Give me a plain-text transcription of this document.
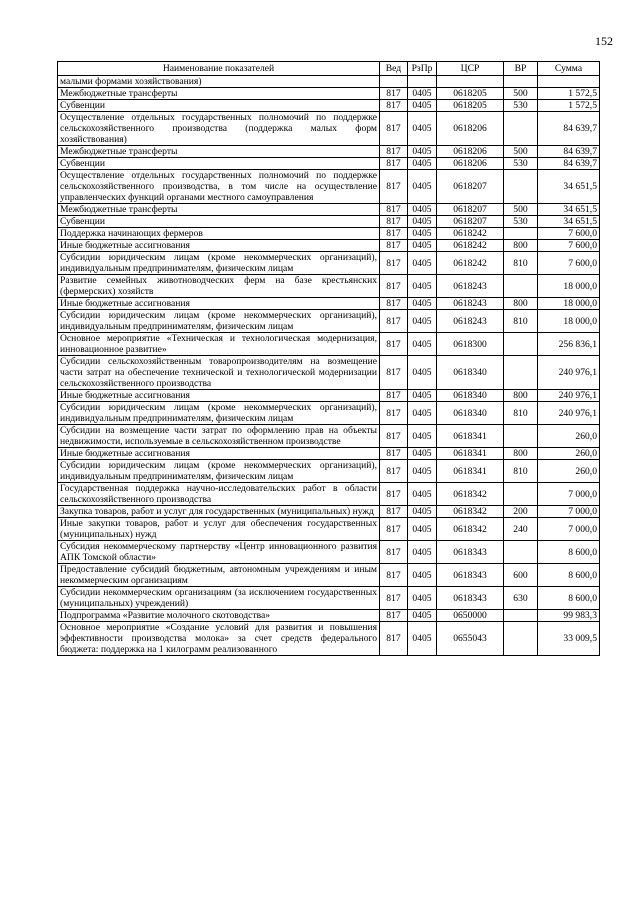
152
Наименование показателей	Вед	РзПр	ЦСР	ВР	Сумма
малыми формами хозяйствования)					
Межбюджетные трансферты	817	0405	0618205	500	1 572,5
Субвенции	817	0405	0618205	530	1 572,5
Осуществление отдельных государственных полномочий по поддержке сельскохозяйственного производства (поддержка малых форм хозяйствования)	817	0405	0618206		84 639,7
Межбюджетные трансферты	817	0405	0618206	500	84 639,7
Субвенции	817	0405	0618206	530	84 639,7
Осуществление отдельных государственных полномочий по поддержке сельскохозяйственного производства, в том числе на осуществление управленческих функций органами местного самоуправления	817	0405	0618207		34 651,5
Межбюджетные трансферты	817	0405	0618207	500	34 651,5
Субвенции	817	0405	0618207	530	34 651,5
Поддержка начинающих фермеров	817	0405	0618242		7 600,0
Иные бюджетные ассигнования	817	0405	0618242	800	7 600,0
Субсидии юридическим лицам (кроме некоммерческих организаций), индивидуальным предпринимателям, физическим лицам	817	0405	0618242	810	7 600,0
Развитие семейных животноводческих ферм на базе крестьянских (фермерских) хозяйств	817	0405	0618243		18 000,0
Иные бюджетные ассигнования	817	0405	0618243	800	18 000,0
Субсидии юридическим лицам (кроме некоммерческих организаций), индивидуальным предпринимателям, физическим лицам	817	0405	0618243	810	18 000,0
Основное мероприятие «Техническая и технологическая модернизация, инновационное развитие»	817	0405	0618300		256 836,1
Субсидии сельскохозяйственным товаропроизводителям на возмещение части затрат на обеспечение технической и технологической модернизации сельскохозяйственного производства	817	0405	0618340		240 976,1
Иные бюджетные ассигнования	817	0405	0618340	800	240 976,1
Субсидии юридическим лицам (кроме некоммерческих организаций), индивидуальным предпринимателям, физическим лицам	817	0405	0618340	810	240 976,1
Субсидии на возмещение части затрат по оформлению прав на объекты недвижимости, используемые в сельскохозяйственном производстве	817	0405	0618341		260,0
Иные бюджетные ассигнования	817	0405	0618341	800	260,0
Субсидии юридическим лицам (кроме некоммерческих организаций), индивидуальным предпринимателям, физическим лицам	817	0405	0618341	810	260,0
Государственная поддержка научно-исследовательских работ в области сельскохозяйственного производства	817	0405	0618342		7 000,0
Закупка товаров, работ и услуг для государственных (муниципальных) нужд	817	0405	0618342	200	7 000,0
Иные закупки товаров, работ и услуг для обеспечения государственных (муниципальных) нужд	817	0405	0618342	240	7 000,0
Субсидия некоммерческому партнерству «Центр инновационного развития АПК Томской области»	817	0405	0618343		8 600,0
Предоставление субсидий бюджетным, автономным учреждениям и иным некоммерческим организациям	817	0405	0618343	600	8 600,0
Субсидии некоммерческим организациям (за исключением государственных (муниципальных) учреждений)	817	0405	0618343	630	8 600,0
Подпрограмма «Развитие молочного скотоводства»	817	0405	0650000		99 983,3
Основное мероприятие «Создание условий для развития и повышения эффективности производства молока» за счет средств федерального бюджета: поддержка на 1 килограмм реализованного	817	0405	0655043		33 009,5
